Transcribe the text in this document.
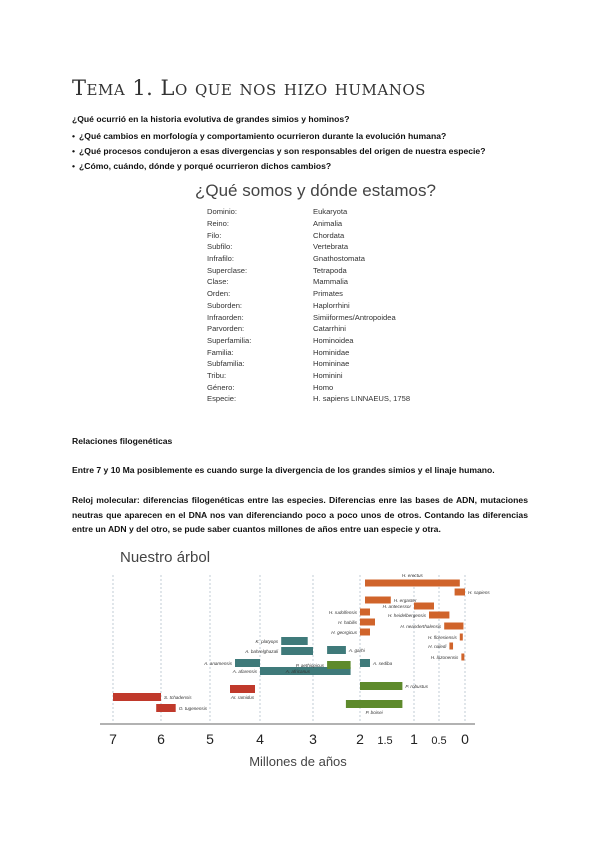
Tema 1. Lo que nos hizo humanos
¿Qué ocurrió en la historia evolutiva de grandes simios y hominos?
• ¿Qué cambios en morfología y comportamiento ocurrieron durante la evolución humana?
• ¿Qué procesos condujeron a esas divergencias y son responsables del origen de nuestra especie?
• ¿Cómo, cuándo, dónde y porqué ocurrieron dichos cambios?
¿Qué somos y dónde estamos?
Dominio:	Eukaryota
Reino:	Animalia
Filo:	Chordata
Subfilo:	Vertebrata
Infrafilo:	Gnathostomata
Superclase:	Tetrapoda
Clase:	Mammalia
Orden:	Primates
Suborden:	Haplorrhini
Infraorden:	Simiiformes/Antropoidea
Parvorden:	Catarrhini
Superfamilia:	Hominoidea
Familia:	Hominidae
Subfamilia:	Homininae
Tribu:	Hominini
Género:	Homo
Especie:	H. sapiens LINNAEUS, 1758
Relaciones filogenéticas
Entre 7 y 10 Ma posiblemente es cuando surge la divergencia de los grandes simios y el linaje humano.
Reloj molecular: diferencias filogenéticas entre las especies. Diferencias enre las bases de ADN, mutaciones neutras que aparecen en el DNA nos van diferenciando poco a poco unos de otros. Contando las diferencias entre un ADN y del otro, se pude saber cuantos millones de años entre uan especie y otra.
Nuestro árbol
7	6	5	4	3	2 1.5 1 0.5 0
Millones de años
S. tchadensis
O. tugenensis
Ar. ramidus
A. anamensis
A. bahrelghazali
K. platyops
A. afarensis	A. africanus
A. garhi
A. sediba
P. aethiopicus
P. boisei
P. robustus
H. erectus
H. rudolfensis
H. habilis
H. georgicus
H. ergaster
H. antecessor
H. heidelbergensis
H. neanderthalensis
H. sapiens
H. floresiensis
H. naledi
H. luzonensis
